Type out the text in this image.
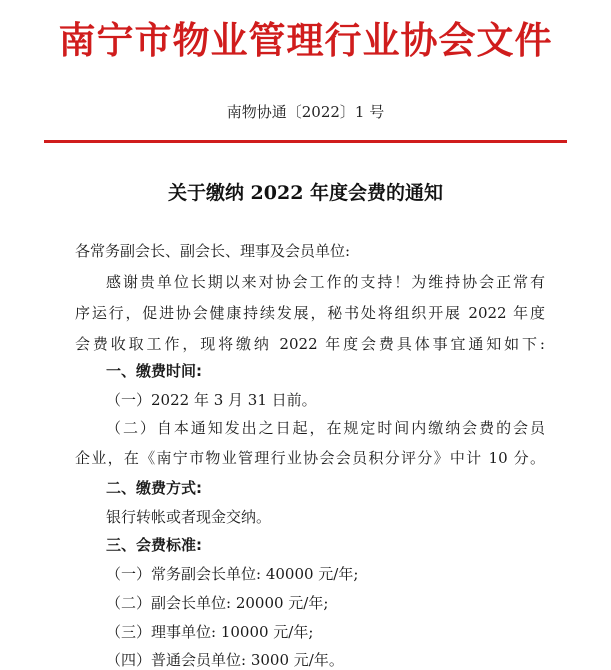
南宁市物业管理行业协会文件
南物协通〔2022〕1 号
关于缴纳 2022 年度会费的通知
各常务副会长、副会长、理事及会员单位:
感谢贵单位长期以来对协会工作的支持！为维持协会正常有
序运行，促进协会健康持续发展，秘书处将组织开展 2022 年度
会费收取工作，现将缴纳 2022 年度会费具体事宜通知如下:
一、缴费时间:
（一）2022 年 3 月 31 日前。
（二）自本通知发出之日起，在规定时间内缴纳会费的会员
企业，在《南宁市物业管理行业协会会员积分评分》中计 10 分。
二、缴费方式:
银行转帐或者现金交纳。
三、会费标准:
（一）常务副会长单位: 40000 元/年;
（二）副会长单位: 20000 元/年;
（三）理事单位: 10000 元/年;
（四）普通会员单位: 3000 元/年。
